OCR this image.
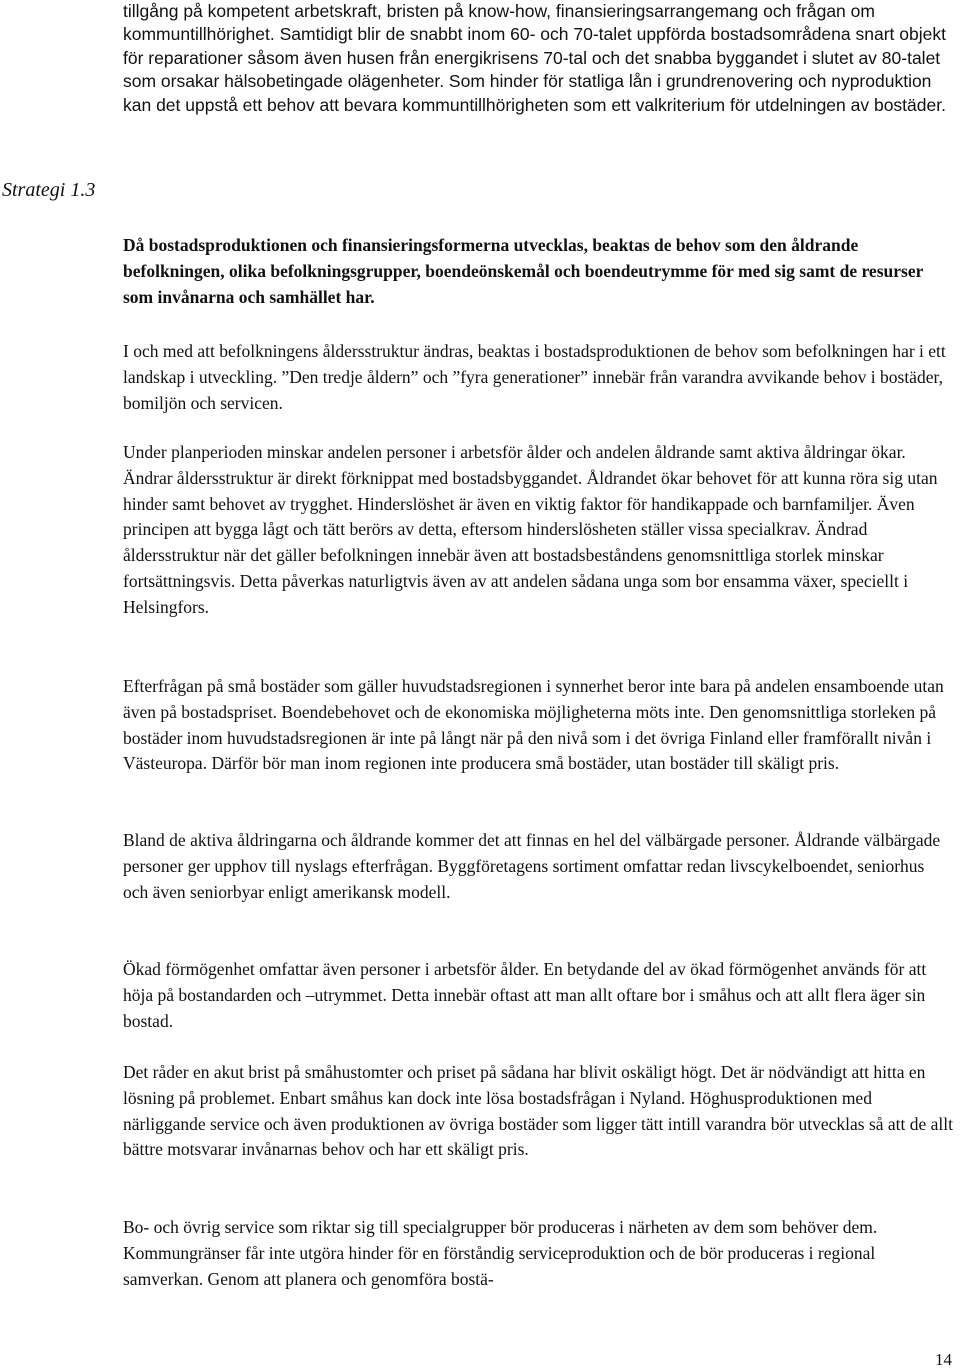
tillgång på kompetent arbetskraft, bristen på know-how, finansieringsarrangemang och frågan om kommuntillhörighet. Samtidigt blir de snabbt inom 60- och 70-talet uppförda bostadsområdena snart objekt för reparationer såsom även husen från energikrisens 70-tal och det snabba byggandet i slutet av 80-talet som orsakar hälsobetingade olägenheter. Som hinder för statliga lån i grundrenovering och nyproduktion kan det uppstå ett behov att bevara kommuntillhörigheten som ett valkriterium för utdelningen av bostäder.

Strategi 1.3

Då bostadsproduktionen och finansieringsformerna utvecklas, beaktas de behov som den åldrande befolkningen, olika befolkningsgrupper, boendeönskemål och boendeutrymme för med sig samt de resurser som invånarna och samhället har.

I och med att befolkningens åldersstruktur ändras, beaktas i bostadsproduktionen de behov som befolkningen har i ett landskap i utveckling. ”Den tredje åldern” och ”fyra generationer” innebär från varandra avvikande behov i bostäder, bomiljön och servicen.

Under planperioden minskar andelen personer i arbetsför ålder och andelen åldrande samt aktiva åldringar ökar. Ändrar åldersstruktur är direkt förknippat med bostadsbyggandet. Åldrandet ökar behovet för att kunna röra sig utan hinder samt behovet av trygghet. Hinderslöshet är även en viktig faktor för handikappade och barnfamiljer. Även principen att bygga lågt och tätt berörs av detta, eftersom hinderslösheten ställer vissa specialkrav. Ändrad åldersstruktur när det gäller befolkningen innebär även att bostadsbeståndens genomsnittliga storlek minskar fortsättningsvis. Detta påverkas naturligtvis även av att andelen sådana unga som bor ensamma växer, speciellt i Helsingfors.

Efterfrågan på små bostäder som gäller huvudstadsregionen i synnerhet beror inte bara på andelen ensamboende utan även på bostadspriset. Boendebehovet och de ekonomiska möjligheterna möts inte. Den genomsnittliga storleken på bostäder inom huvudstadsregionen är inte på långt när på den nivå som i det övriga Finland eller framförallt nivån i Västeuropa. Därför bör man inom regionen inte producera små bostäder, utan bostäder till skäligt pris.

Bland de aktiva åldringarna och åldrande kommer det att finnas en hel del välbärgade personer. Åldrande välbärgade personer ger upphov till nyslags efterfrågan. Byggföretagens sortiment omfattar redan livscykelboendet, seniorhus och även seniorbyar enligt amerikansk modell.

Ökad förmögenhet omfattar även personer i arbetsför ålder. En betydande del av ökad förmögenhet används för att höja på bostandarden och –utrymmet. Detta innebär oftast att man allt oftare bor i småhus och att allt flera äger sin bostad.

Det råder en akut brist på småhustomter och priset på sådana har blivit oskäligt högt. Det är nödvändigt att hitta en lösning på problemet. Enbart småhus kan dock inte lösa bostadsfrågan i Nyland. Höghusproduktionen med närliggande service och även produktionen av övriga bostäder som ligger tätt intill varandra bör utvecklas så att de allt bättre motsvarar invånarnas behov och har ett skäligt pris.

Bo- och övrig service som riktar sig till specialgrupper bör produceras i närheten av dem som behöver dem. Kommungränser får inte utgöra hinder för en förståndig serviceproduktion och de bör produceras i regional samverkan. Genom att planera och genomföra bostä-

14
